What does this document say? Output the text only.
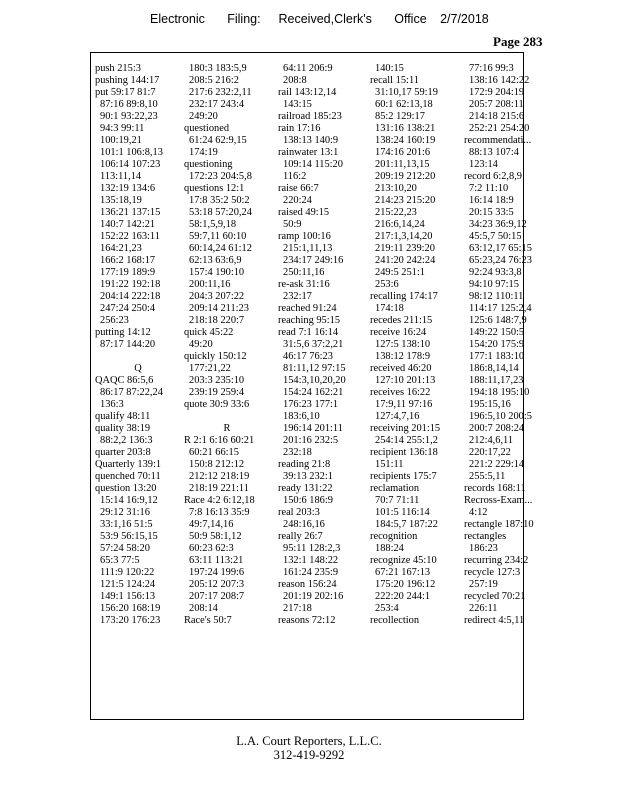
Electronic     Filing:    Received,Clerk's     Office   2/7/2018
Page 283
push 215:3
pushing 144:17
put 59:17 81:7
87:16 89:8,10
90:1 93:22,23
94:3 99:11
100:19,21
101:1 106:8,13
106:14 107:23
113:11,14
132:19 134:6
135:18,19
136:21 137:15
140:7 142:21
152:22 163:11
164:21,23
166:2 168:17
177:19 189:9
191:22 192:18
204:14 222:18
247:24 250:4
256:23
putting 14:12
87:17 144:20
Q
QAQC 86:5,6
86:17 87:22,24
136:3
qualify 48:11
quality 38:19
88:2,2 136:3
quarter 203:8
Quarterly 139:1
quenched 70:11
question 13:20
15:14 16:9,12
29:12 31:16
33:1,16 51:5
53:9 56:15,15
57:24 58:20
65:3 77:5
111:9 120:22
121:5 124:24
149:1 156:13
156:20 168:19
173:20 176:23
180:3 183:5,9
208:5 216:2
217:6 232:2,11
232:17 243:4
249:20
questioned
61:24 62:9,15
174:19
questioning
172:23 204:5,8
questions 12:1
17:8 35:2 50:2
53:18 57:20,24
58:1,5,9,18
59:7,11 60:10
60:14,24 61:12
62:13 63:6,9
157:4 190:10
200:11,16
204:3 207:22
209:14 211:23
218:18 220:7
quick 45:22
49:20
quickly 150:12
177:21,22
203:3 235:10
239:19 259:4
quote 30:9 33:6
R
R 2:1 6:16 60:21
60:21 66:15
150:8 212:12
212:12 218:19
218:19 221:11
Race 4:2 6:12,18
7:8 16:13 35:9
49:7,14,16
50:9 58:1,12
60:23 62:3
63:11 113:21
197:24 199:6
205:12 207:3
207:17 208:7
208:14
Race's 50:7
64:11 206:9
208:8
rail 143:12,14
143:15
railroad 185:23
rain 17:16
138:13 140:9
rainwater 13:1
109:14 115:20
116:2
raise 66:7
220:24
raised 49:15
50:9
ramp 100:16
215:1,11,13
234:17 249:16
250:11,16
re-ask 31:16
232:17
reached 91:24
reaching 95:15
read 7:1 16:14
31:5,6 37:2,21
46:17 76:23
81:11,12 97:15
154:3,10,20,20
154:24 162:21
176:23 177:1
183:6,10
196:14 201:11
201:16 232:5
232:18
reading 21:8
39:13 232:1
ready 131:22
150:6 186:9
real 203:3
248:16,16
really 26:7
95:11 128:2,3
132:1 148:22
161:24 235:9
reason 156:24
201:19 202:16
217:18
reasons 72:12
140:15
recall 15:11
31:10,17 59:19
60:1 62:13,18
85:2 129:17
131:16 138:21
138:24 160:19
174:16 201:6
201:11,13,15
209:19 212:20
213:10,20
214:23 215:20
215:22,23
216:6,14,24
217:1,3,14,20
219:11 239:20
241:20 242:24
249:5 251:1
253:6
recalling 174:17
174:18
recedes 211:15
receive 16:24
127:5 138:10
138:12 178:9
received 46:20
127:10 201:13
receives 16:22
17:9,11 97:16
127:4,7,16
receiving 201:15
254:14 255:1,2
recipient 136:18
151:11
recipients 175:7
reclamation
70:7 71:11
101:5 116:14
184:5,7 187:22
recognition
188:24
recognize 45:10
67:21 167:13
175:20 196:12
222:20 244:1
253:4
recollection
77:16 99:3
138:16 142:22
172:9 204:19
205:7 208:11
214:18 215:6
252:21 254:20
recommendati...
88:13 107:4
123:14
record 6:2,8,9
7:2 11:10
16:14 18:9
20:15 33:5
34:23 36:9,12
45:5,7 50:15
63:12,17 65:15
65:23,24 76:23
92:24 93:3,8
94:10 97:15
98:12 110:11
114:17 125:2,4
125:6 148:7,9
149:22 150:5
154:20 175:9
177:1 183:10
186:8,14,14
188:11,17,23
194:18 195:10
195:15,16
196:5,10 200:5
200:7 208:24
212:4,6,11
220:17,22
221:2 229:14
255:5,11
records 168:11
Recross-Exam...
4:12
rectangle 187:10
rectangles
186:23
recurring 234:2
recycle 127:3
257:19
recycled 70:21
226:11
redirect 4:5,11
L.A. Court Reporters, L.L.C.
312-419-9292
